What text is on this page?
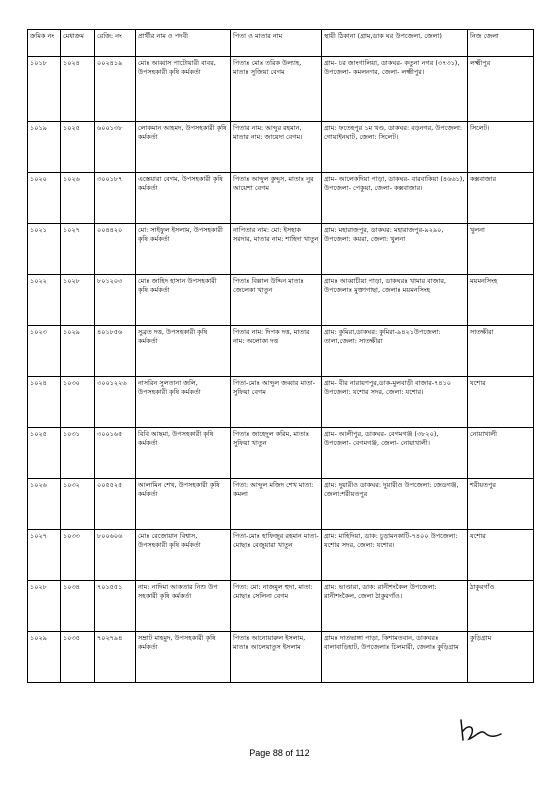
ক্রমিক নং	মেধাক্রম	রেজি: নং	প্রার্থীর নাম ও পদবী	পিতা ও মাতার নাম	স্থায়ী ঠিকানা (গ্রাম,ডাক ঘর উপজেলা, জেলা)	নিজ জেলা
১০১৮	১০২৪	০০২৪১৯	মোঃ আব্বাস পাটোয়ারী বাবর, উপসহকারী কৃষি কর্মকর্তা	পিতাঃ মোঃ তরিক উল্যাহ, মাতাঃ সুজিয়া বেগম	গ্রাম- চর জাংগালিয়া, ডাকঘর- কতুনা নগর (৩৭৩১), উপজেলা- কমলনগর, জেলা- লক্ষ্মীপুর।	লক্ষ্মীপুর
১০১৯	১০২৫	৬০০১৩৮	লোকমান আহমদ, উপসহকারী কৃষি কর্মকর্তা	পিতার নাম: আব্দুর রহমান, মাতার নাম: জায়েদা বেগম।	গ্রাম: ফতেহপুর ১ম খণ্ড, ডাকঘর: বড়নগর, উপজেলা: গোয়াইনঘাট, জেলা: সিলেট।	সিলেট।
১০২০	১০২৬	৩০০১৮৭	এস্তেয়ারা বেগম, উপসহকারী কৃষি কর্মকর্তা	পিতাঃ আব্দুল কুদ্দুস, মাতাঃ নুর আয়েশা বেগম	গ্রাম- আলেকদিয়া পাড়া, ডাকঘর- বারবাকিয়া (৪৬৬১), উপজেলা- পেকুয়া, জেলা- কক্সবাজার।	কক্সবাজার
১০২১	১০২৭	০০৪৪২০	মো: সাইফুল ইসলাম, উপসহকারী কৃষি কর্মকর্তা	নাপিতার নাম: মো: ইসহাক সরদার, মাতার নাম: শাহিদা খাতুন	গ্রাম: মহারাজপুর, ডাকঘর: মহারাজপুর-৯২৯০, উপজেলা: কয়রা, জেলা: খুলনা	খুলনা
১০২২	১০২৮	৮০১২০৩	মোঃ জাহিদ হাসান উপসহকারী কৃষি কর্মকর্তা	পিতাঃ বিল্লাল উদ্দিন মাতাঃ জেলেকা খাতুন	গ্রামঃ আব্বাচীয়া পাড়া, ডাকঘরঃ খামার বাজার, উপজেলাঃ মুক্তাগাছা, জেলাঃ ময়মনসিংহ	ময়মনসিংহ
১০২৩	১০২৯	৪০১৮৫৬	সুব্রত দত্ত, উপসহকারী কৃষি কর্মকর্তা	পিতার নাম: দিপক দত্ত, মাতার নাম: অলোকা দত্ত	গ্রাম: কুমিরা,ডাকঘর: কুমিরা-৯৪২১উপজেলা: তালা,জেলা: সাতক্ষীরা	সাতক্ষীরা
১০২৪	১০৩০	৩০০১২২৬	নাসরিন সুলতানা জলি, উপসহকারী কৃষি কর্মকর্তা	পিতা-মোঃ আব্দুল জব্বার মাতা-সুফিয়া বেগম	গ্রাম- বীর নারায়ণপুর,ডাক-মুলবাড়ী বাজার-৭৪১০ উপজেলা: যশোর সদর, জেলা: যশোর।	যশোর
১০২৫	১০৩১	৩০০১৬৫	বিবি আছমা, উপসহকারী কৃষি কর্মকর্তা	পিতাঃ জাহেদুল করিম, মাতাঃ সুফিয়া খাতুন	গ্রাম- আলীপুর, ডাকঘর- বেগমগঞ্জ (৩৮২০), উপজেলা- বেগমগঞ্জ, জেলা- নোয়াখালী।	নোয়াখালী
১০২৬	১০৩২	০০৫৫২৫	আলামিন শেখ, উপসহকারী কৃষি কর্মকর্তা	পিতা: আব্দুল মজিদ শেখ মাতা: কমলা	গ্রাম: দুয়ারীও ডাকঘর: দুয়ারীও উপজেলা: জেডগঞ্জ, জেলা:শরীয়তপুর	শরীয়তপুর
১০২৭	১০৩৩	৮০০৬০৬	মোঃ রেজোয়ান বিশ্বাস, উপসহকারী কৃষি কর্মকর্তা	পিতা-মোঃ হাফিজুর রহমান মাতা- মোছাঃ বেজুয়ারা খাতুন	গ্রাম: মাহিদিয়া, ডাক: চুড়ামনকাটি-৭৪০০ উপজেলা: যশোর সদর, জেলা: যশোর।	যশোর
১০২৮	১০৩৪	৭০১৫৫১	নাম: নাদিমা আকতার নিশু উপ সহকারী কৃষি কর্মকর্তা	পিতা: মো: নাজমুল হুদা, মাতা: মোছাঃ সেলিনা বেগম	গ্রাম: ভাণ্ডারা, ডাক: রানীশংকৈল উপজেলা: রানীশংকৈল, জেলা ঠাকুরগাঁও।	ঠাকুরগাঁও
১০২৯	১০৩৫	৭০২৭৯৪	সম্রাট মাহমুদ, উপসহকারী কৃষি কর্মকর্তা	পিতাঃ আনোয়ারুল ইসলাম, মাতাঃ আলেয়াতুস ইসলাম	গ্রামঃ দাতভাঙ্গা পাড়া, কিশামতবান, ডাকঘরঃ বালাবাড়িহাট, উপজেলাঃ চিলমারী, জেলাঃ কুড়িগ্রাম	কুড়িগ্রাম
Page 88 of 112
